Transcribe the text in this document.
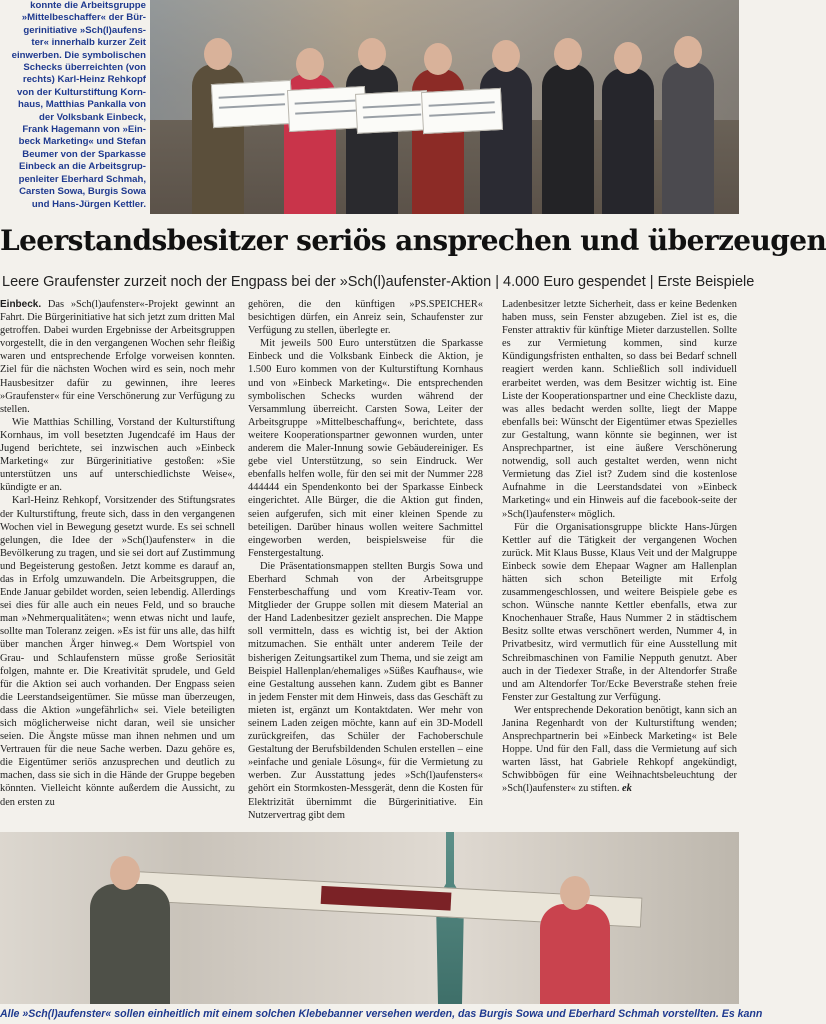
konnte die Arbeitsgruppe
»Mittelbeschaffer« der Bür-
gerinitiative »Sch(l)aufens-
ter« innerhalb kurzer Zeit
einwerben. Die symbolischen
Schecks überreichten (von
rechts) Karl-Heinz Rehkopf
von der Kulturstiftung Korn-
haus, Matthias Pankalla von
der Volksbank Einbeck,
Frank Hagemann von »Ein-
beck Marketing« und Stefan
Beumer von der Sparkasse
Einbeck an die Arbeitsgrup-
penleiter Eberhard Schmah,
Carsten Sowa, Burgis Sowa
und Hans-Jürgen Kettler.
Leerstandsbesitzer seriös ansprechen und überzeugen
Leere Graufenster zurzeit noch der Engpass bei der »Sch(l)aufenster-Aktion | 4.000 Euro gespendet | Erste Beispiele

Einbeck. Das »Sch(l)aufenster«-Projekt gewinnt an Fahrt. Die Bürgerinitiative hat sich jetzt zum dritten Mal getroffen. Dabei wurden Ergebnisse der Arbeitsgruppen vorgestellt, die in den vergangenen Wochen sehr fleißig waren und entsprechende Erfolge vorweisen konnten. Ziel für die nächsten Wochen wird es sein, noch mehr Hausbesitzer dafür zu gewinnen, ihre leeres »Graufenster« für eine Verschönerung zur Verfügung zu stellen.

Wie Matthias Schilling, Vorstand der Kulturstiftung Kornhaus, im voll besetzten Jugendcafé im Haus der Jugend berichtete, sei inzwischen auch »Einbeck Marketing« zur Bürgerinitiative gestoßen: »Sie unterstützen uns auf unterschiedlichste Weise«, kündigte er an.

Karl-Heinz Rehkopf, Vorsitzender des Stiftungsrates der Kulturstiftung, freute sich, dass in den vergangenen Wochen viel in Bewegung gesetzt wurde. Es sei schnell gelungen, die Idee der »Sch(l)aufenster« in die Bevölkerung zu tragen, und sie sei dort auf Zustimmung und Begeisterung gestoßen. Jetzt komme es darauf an, das in Erfolg umzuwandeln. Die Arbeitsgruppen, die Ende Januar gebildet worden, seien lebendig. Allerdings sei dies für alle auch ein neues Feld, und so brauche man »Nehmerqualitäten«; wenn etwas nicht und laufe, sollte man Toleranz zeigen. »Es ist für uns alle, das hilft über manchen Ärger hinweg.« Dem Wortspiel von Grau- und Schlaufenstern müsse großе Seriosität folgen, mahnte er. Die Kreativität sprudele, und Geld für die Aktion sei auch vorhanden. Der Engpass seien die Leerstandseigentümer. Sie müsse man überzeugen, dass die Aktion »ungefährlich« sei. Viele beteiligten sich möglicherweise nicht daran, weil sie unsicher seien. Die Ängste müsse man ihnen nehmen und um Vertrauen für die neue Sache werben. Dazu gehöre es, die Eigentümer seriös anzusprechen und deutlich zu machen, dass sie sich in die Hände der Gruppe begeben könnten. Vielleicht könnte außerdem die Aussicht, zu den ersten zu

gehören, die den künftigen »PS.SPEICHER« besichtigen dürfen, ein Anreiz sein, Schaufenster zur Verfügung zu stellen, überlegte er.

Mit jeweils 500 Euro unterstützen die Sparkasse Einbeck und die Volksbank Einbeck die Aktion, je 1.500 Euro kommen von der Kulturstiftung Kornhaus und von »Einbeck Marketing«. Die entsprechenden symbolischen Schecks wurden während der Versammlung überreicht. Carsten Sowa, Leiter der Arbeitsgruppe »Mittelbeschaffung«, berichtete, dass weitere Kooperationspartner gewonnen wurden, unter anderem die Maler-Innung sowie Gebäudereiniger. Es gebe viel Unterstützung, so sein Eindruck. Wer ebenfalls helfen wolle, für den sei mit der Nummer 228 444444 ein Spendenkonto bei der Sparkasse Einbeck eingerichtet. Alle Bürger, die die Aktion gut finden, seien aufgerufen, sich mit einer kleinen Spende zu beteiligen. Darüber hinaus wollen weitere Sachmittel eingeworben werden, beispielsweise für die Fenstergestaltung.

Die Präsentationsmappen stellten Burgis Sowa und Eberhard Schmah von der Arbeitsgruppe Fensterbeschaffung und vom Kreativ-Team vor. Mitglieder der Gruppe sollen mit diesem Material an der Hand Ladenbesitzer gezielt ansprechen. Die Mappe soll vermitteln, dass es wichtig ist, bei der Aktion mitzumachen. Sie enthält unter anderem Teile der bisherigen Zeitungsartikel zum Thema, und sie zeigt am Beispiel Hallenplan/ehemaliges »Süßes Kaufhaus«, wie eine Gestaltung aussehen kann. Zudem gibt es Banner in jedem Fenster mit dem Hinweis, dass das Geschäft zu mieten ist, ergänzt um Kontaktdaten. Wer mehr von seinem Laden zeigen möchte, kann auf ein 3D-Modell zurückgreifen, das Schüler der Fachoberschule Gestaltung der Berufsbildenden Schulen erstellen – eine »einfache und geniale Lösung«, für die Vermietung zu werben. Zur Ausstattung jedes »Sch(l)aufensters« gehört ein Stormkosten-Messgerät, denn die Kosten für Elektrizität übernimmt die Bürgerinitiative. Ein Nutzervertrag gibt dem

Ladenbesitzer letzte Sicherheit, dass er keine Bedenken haben muss, sein Fenster abzugeben. Ziel ist es, die Fenster attraktiv für künftige Mieter darzustellen. Sollte es zur Vermietung kommen, sind kurze Kündigungsfristen enthalten, so dass bei Bedarf schnell reagiert werden kann. Schließlich soll individuell erarbeitet werden, was dem Besitzer wichtig ist. Eine Liste der Kooperationspartner und eine Checkliste dazu, was alles bedacht werden sollte, liegt der Mappe ebenfalls bei: Wünscht der Eigentümer etwas Spezielles zur Gestaltung, wann könnte sie beginnen, wer ist Ansprechpartner, ist eine äußere Verschönerung notwendig, soll auch gestaltet werden, wenn nicht Vermietung das Ziel ist? Zudem sind die kostenlose Aufnahme in die Leerstandsdatei von »Einbeck Marketing« und ein Hinweis auf die facebook-seite der »Sch(l)aufenster« möglich.

Für die Organisationsgruppe blickte Hans-Jürgen Kettler auf die Tätigkeit der vergangenen Wochen zurück. Mit Klaus Busse, Klaus Veit und der Malgruppe Einbeck sowie dem Ehepaar Wagner am Hallenplan hätten sich schon Beteiligte mit Erfolg zusammengeschlossen, und weitere Beispiele gebe es schon. Wünsche nannte Kettler ebenfalls, etwa zur Knochenhauer Straße, Haus Nummer 2 in städtischem Besitz sollte etwas verschönert werden, Nummer 4, in Privatbesitz, wird vermutlich für eine Ausstellung mit Schreibmaschinen von Familie Nepputh genutzt. Aber auch in der Tiedexer Straße, in der Altendorfer Straße und am Altendorfer Tor/Ecke Beverstraße stehen freie Fenster zur Gestaltung zur Verfügung.

Wer entsprechende Dekoration benötigt, kann sich an Janina Regenhardt von der Kulturstiftung wenden; Ansprechpartnerin bei »Einbeck Marketing« ist Bele Hoppe. Und für den Fall, dass die Vermietung auf sich warten lässt, hat Gabriele Rehkopf angekündigt, Schwibbögen für eine Weihnachtsbeleuchtung der »Sch(l)aufenster« zu stiften. ek

Alle »Sch(l)aufenster« sollen einheitlich mit einem solchen Klebebanner versehen werden, das Burgis Sowa und Eberhard Schmah vorstellten. Es kann
